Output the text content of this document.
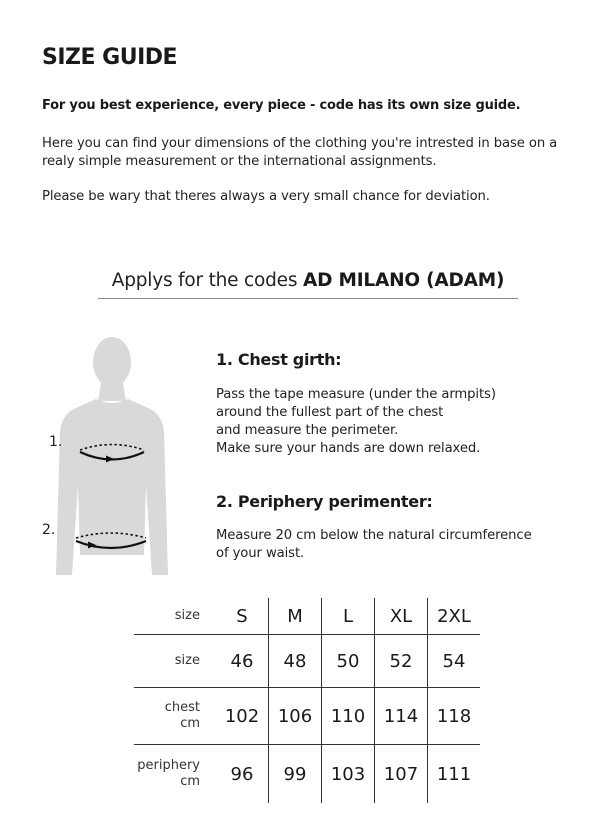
SIZE GUIDE

For you best experience, every piece - code has its own size guide.

Here you can find your dimensions of the clothing you're intrested in base on a realy simple measurement or the international assignments.

Please be wary that theres always a very small chance for deviation.

Applys for the codes AD MILANO (ADAM)
1.
2.
1. Chest girth:

Pass the tape measure (under the armpits)
around the fullest part of the chest
and measure the perimeter.
Make sure your hands are down relaxed.

2. Periphery perimenter:

Measure 20 cm below the natural circumference
of your waist.

size	S	M	L	XL	2XL
size	46	48	50	52	54
chest
cm	102	106	110	114	118
periphery
cm	96	99	103	107	111
